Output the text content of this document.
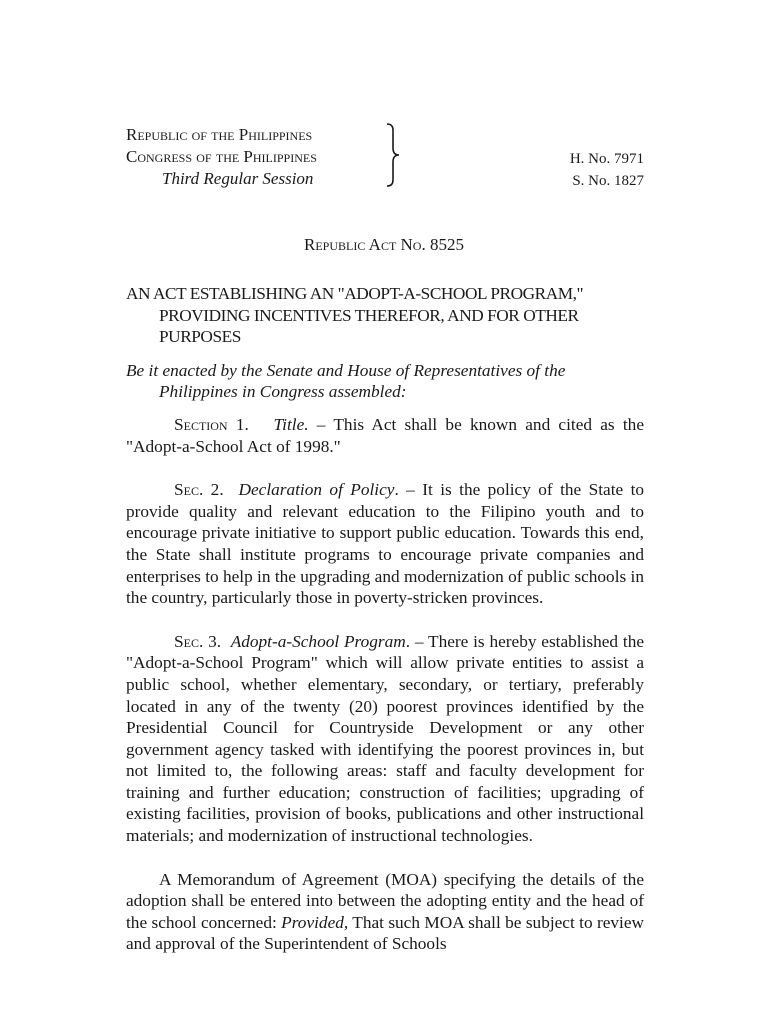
Republic of the Philippines
Congress of the Philippines
Third Regular Session
H. No. 7971
S. No. 1827
Republic Act No. 8525

AN ACT ESTABLISHING AN "ADOPT-A-SCHOOL PROGRAM," PROVIDING INCENTIVES THEREFOR, AND FOR OTHER PURPOSES

Be it enacted by the Senate and House of Representatives of the Philippines in Congress assembled:

Section 1. Title. – This Act shall be known and cited as the "Adopt-a-School Act of 1998."

Sec. 2. Declaration of Policy. – It is the policy of the State to provide quality and relevant education to the Filipino youth and to encourage private initiative to support public education. Towards this end, the State shall institute programs to encourage private companies and enterprises to help in the upgrading and modernization of public schools in the country, particularly those in poverty-stricken provinces.

Sec. 3. Adopt-a-School Program. – There is hereby established the "Adopt-a-School Program" which will allow private entities to assist a public school, whether elementary, secondary, or tertiary, preferably located in any of the twenty (20) poorest provinces identified by the Presidential Council for Countryside Development or any other government agency tasked with identifying the poorest provinces in, but not limited to, the following areas: staff and faculty development for training and further education; construction of facilities; upgrading of existing facilities, provision of books, publications and other instructional materials; and modernization of instructional technologies.

A Memorandum of Agreement (MOA) specifying the details of the adoption shall be entered into between the adopting entity and the head of the school concerned: Provided, That such MOA shall be subject to review and approval of the Superintendent of Schools
